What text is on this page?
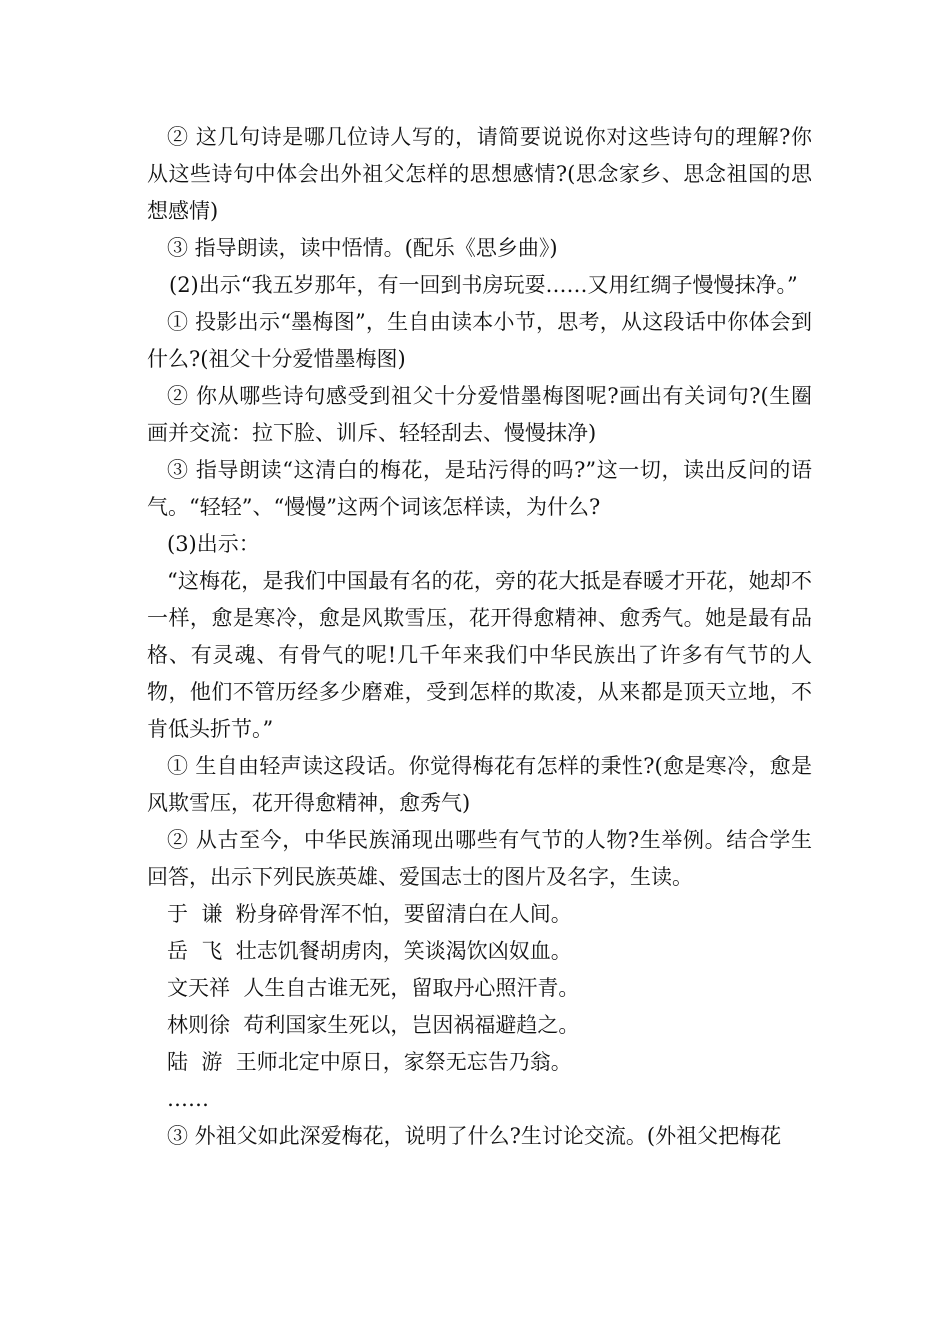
② 这几句诗是哪几位诗人写的，请简要说说你对这些诗句的理解?你从这些诗句中体会出外祖父怎样的思想感情?(思念家乡、思念祖国的思想感情)

③ 指导朗读，读中悟情。(配乐《思乡曲》)

(2)出示“我五岁那年，有一回到书房玩耍……又用红绸子慢慢抹净。”

① 投影出示“墨梅图”，生自由读本小节，思考，从这段话中你体会到什么?(祖父十分爱惜墨梅图)

② 你从哪些诗句感受到祖父十分爱惜墨梅图呢?画出有关词句?(生圈画并交流：拉下脸、训斥、轻轻刮去、慢慢抹净)

③ 指导朗读“这清白的梅花，是玷污得的吗?”这一切，读出反问的语气。“轻轻”、“慢慢”这两个词该怎样读，为什么?

(3)出示：

“这梅花，是我们中国最有名的花，旁的花大抵是春暖才开花，她却不一样，愈是寒冷，愈是风欺雪压，花开得愈精神、愈秀气。她是最有品格、有灵魂、有骨气的呢!几千年来我们中华民族出了许多有气节的人物，他们不管历经多少磨难，受到怎样的欺凌，从来都是顶天立地，不肯低头折节。”

① 生自由轻声读这段话。你觉得梅花有怎样的秉性?(愈是寒冷，愈是风欺雪压，花开得愈精神，愈秀气)

② 从古至今，中华民族涌现出哪些有气节的人物?生举例。结合学生回答，出示下列民族英雄、爱国志士的图片及名字，生读。

于  谦 粉身碎骨浑不怕，要留清白在人间。

岳  飞 壮志饥餐胡虏肉，笑谈渴饮凶奴血。

文天祥 人生自古谁无死，留取丹心照汗青。

林则徐 苟利国家生死以，岂因祸福避趋之。

陆  游 王师北定中原日，家祭无忘告乃翁。

……

③ 外祖父如此深爱梅花，说明了什么?生讨论交流。(外祖父把梅花
